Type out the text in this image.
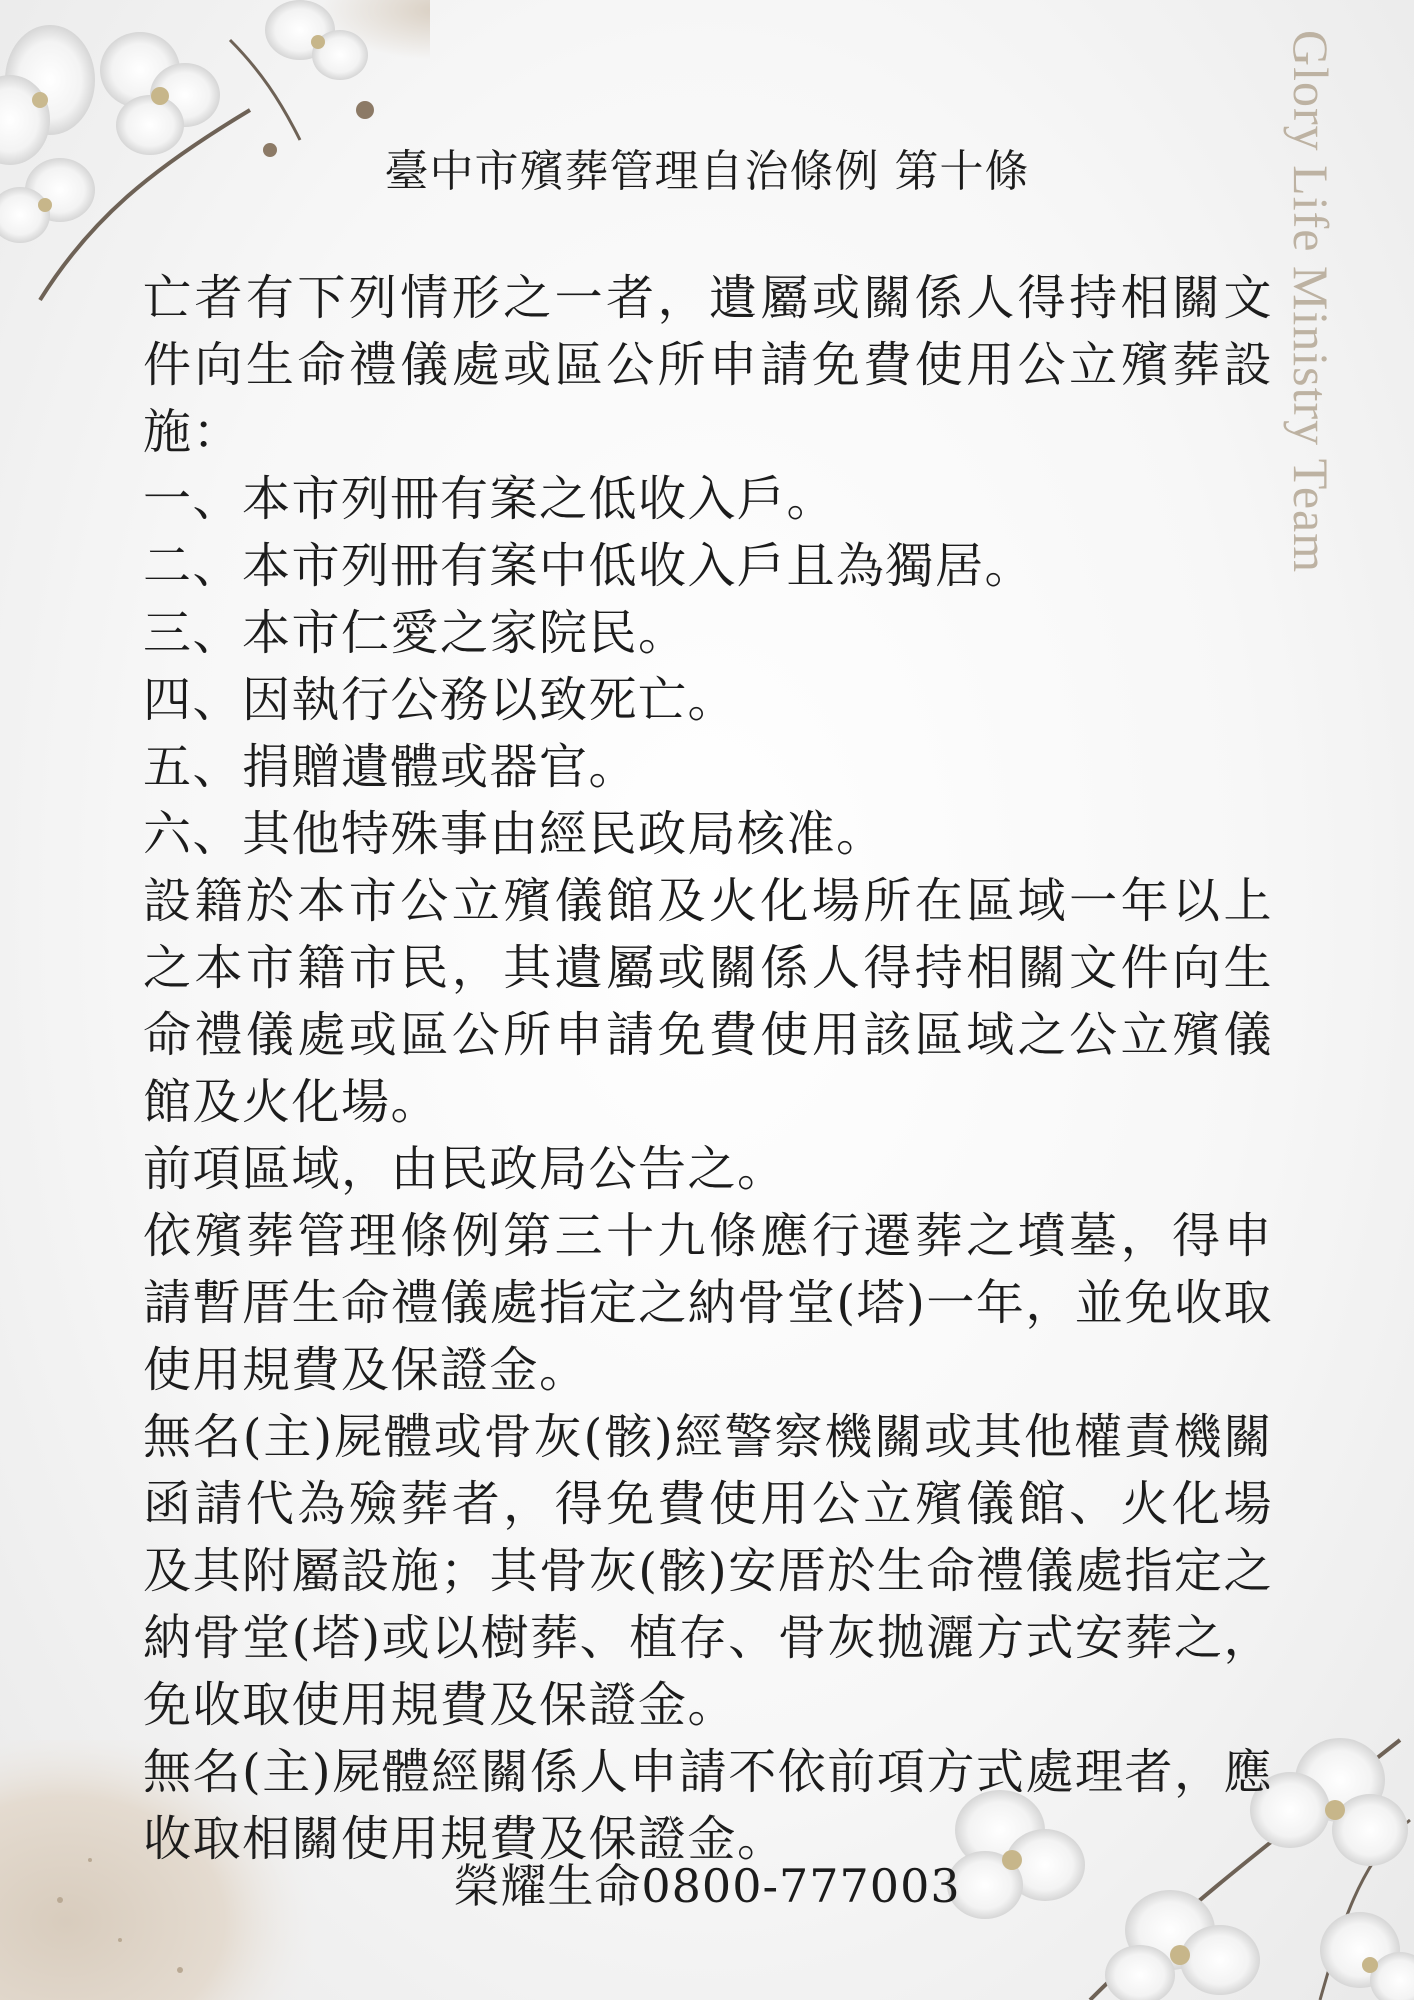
臺中市殯葬管理自治條例 第十條	Glory Life Ministry Team
亡者有下列情形之一者，遺屬或關係人得持相關文件向生命禮儀處或區公所申請免費使用公立殯葬設施：
一、本市列冊有案之低收入戶。
二、本市列冊有案中低收入戶且為獨居。
三、本市仁愛之家院民。
四、因執行公務以致死亡。
五、捐贈遺體或器官。
六、其他特殊事由經民政局核准。
設籍於本市公立殯儀館及火化場所在區域一年以上之本市籍市民，其遺屬或關係人得持相關文件向生命禮儀處或區公所申請免費使用該區域之公立殯儀館及火化場。
前項區域，由民政局公告之。
依殯葬管理條例第三十九條應行遷葬之墳墓，得申請暫厝生命禮儀處指定之納骨堂(塔)一年，並免收取使用規費及保證金。
無名(主)屍體或骨灰(骸)經警察機關或其他權責機關函請代為殮葬者，得免費使用公立殯儀館、火化場及其附屬設施；其骨灰(骸)安厝於生命禮儀處指定之納骨堂(塔)或以樹葬、植存、骨灰拋灑方式安葬之，免收取使用規費及保證金。
無名(主)屍體經關係人申請不依前項方式處理者，應收取相關使用規費及保證金。
榮耀生命0800-777003
